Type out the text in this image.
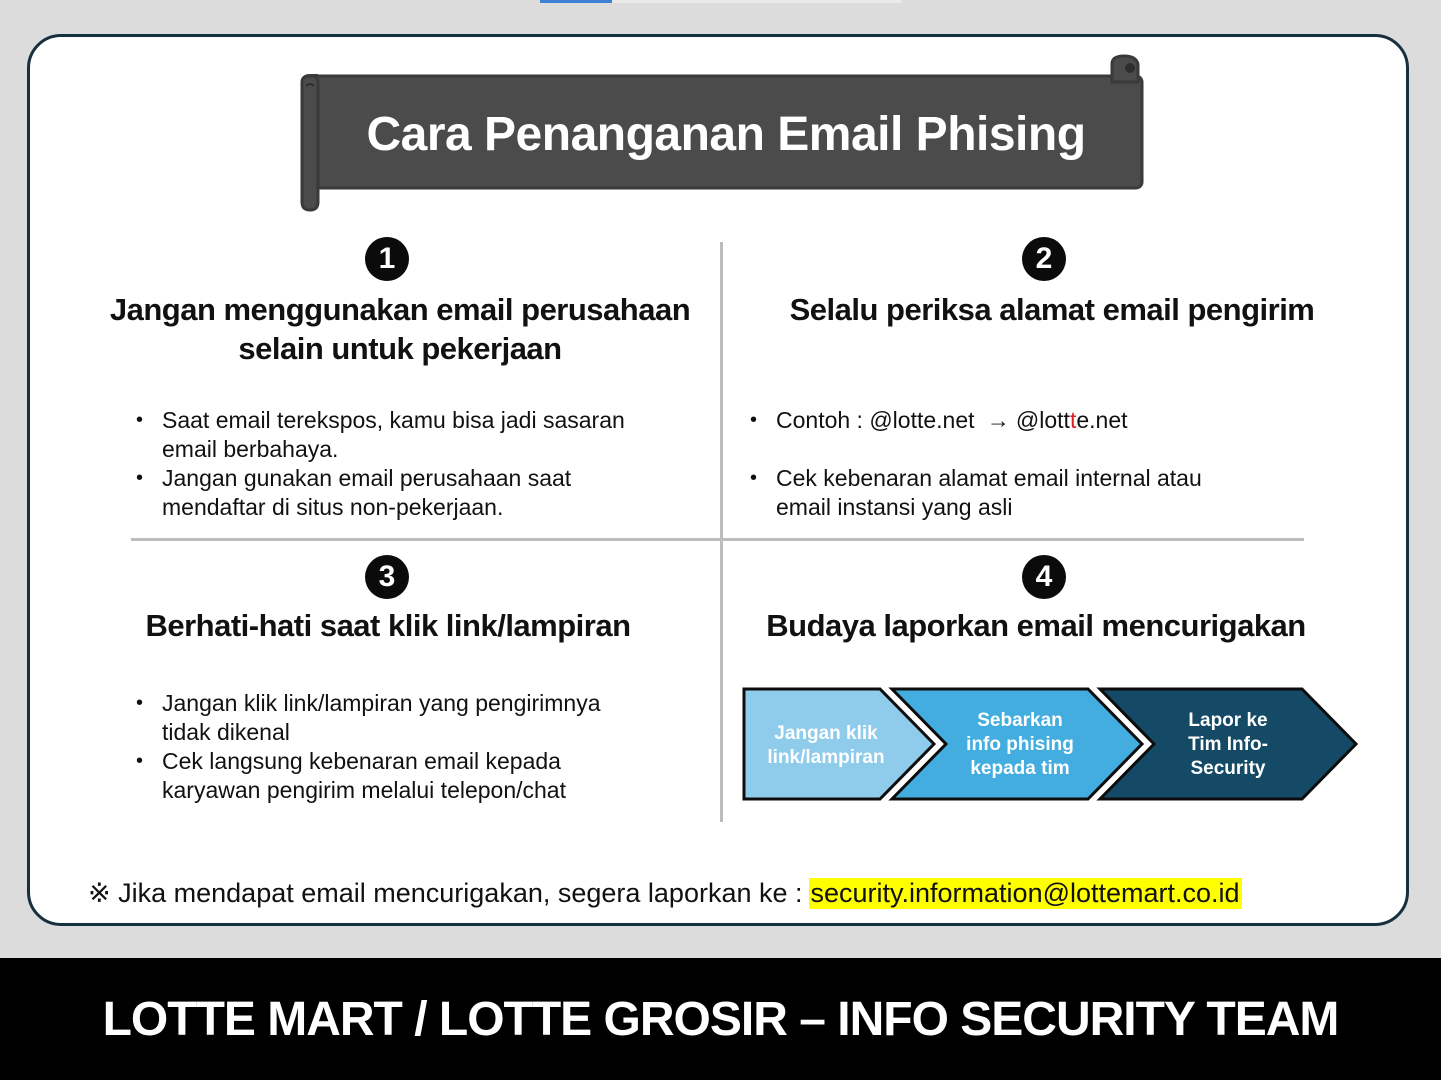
Cara Penanganan Email Phising
1
Jangan menggunakan email perusahaan
selain untuk pekerjaan
• Saat email terekspos, kamu bisa jadi sasaran
email berbahaya.
• Jangan gunakan email perusahaan saat
mendaftar di situs non-pekerjaan.
2
Selalu periksa alamat email pengirim
• Contoh : @lotte.net → @lottte.net
• Cek kebenaran alamat email internal atau
email instansi yang asli
3
Berhati-hati saat klik link/lampiran
• Jangan klik link/lampiran yang pengirimnya
tidak dikenal
• Cek langsung kebenaran email kepada
karyawan pengirim melalui telepon/chat
4
Budaya laporkan email mencurigakan
Jangan klik
link/lampiran
Sebarkan
info phising
kepada tim
Lapor ke
Tim Info-
Security
※ Jika mendapat email mencurigakan, segera laporkan ke : security.information@lottemart.co.id
LOTTE MART / LOTTE GROSIR – INFO SECURITY TEAM
